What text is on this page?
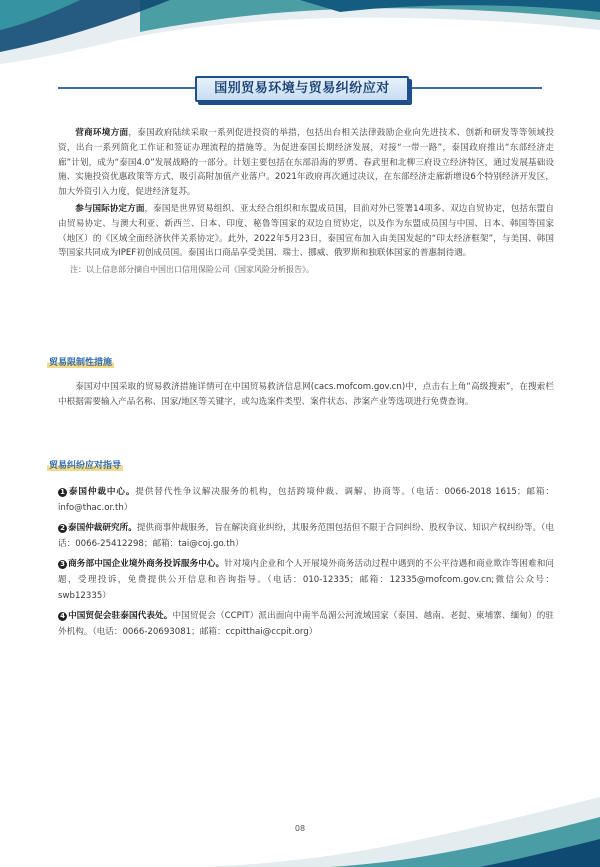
国别贸易环境与贸易纠纷应对

营商环境方面，泰国政府陆续采取一系列促进投资的举措，包括出台相关法律鼓励企业向先进技术、创新和研发等等领域投资，出台一系列简化工作证和签证办理流程的措施等。为促进泰国长期经济发展，对接“一带一路”，泰国政府推出“东部经济走廊”计划，成为“泰国4.0”发展战略的一部分。计划主要包括在东部沿海的罗勇、春武里和北柳三府设立经济特区，通过发展基础设施、实施投资优惠政策等方式，吸引高附加值产业落户。2021年政府再次通过决议，在东部经济走廊新增设6个特别经济开发区，加大外资引入力度，促进经济复苏。

参与国际协定方面，泰国是世界贸易组织、亚太经合组织和东盟成员国，目前对外已签署14项多、双边自贸协定，包括东盟自由贸易协定、与澳大利亚、新西兰、日本、印度、秘鲁等国家的双边自贸协定，以及作为东盟成员国与中国、日本、韩国等国家（地区）的《区域全面经济伙伴关系协定》。此外，2022年5月23日，泰国宣布加入由美国发起的“印太经济框架”，与美国、韩国等国家共同成为IPEF初创成员国。泰国出口商品享受美国、瑞士、挪威、俄罗斯和独联体国家的普惠制待遇。

注：以上信息部分摘自中国出口信用保险公司《国家风险分析报告》。

贸易限制性措施

泰国对中国采取的贸易救济措施详情可在中国贸易救济信息网(cacs.mofcom.gov.cn)中，点击右上角“高级搜索”，在搜索栏中根据需要输入产品名称、国家/地区等关键字，或勾选案件类型、案件状态、涉案产业等选项进行免费查询。

贸易纠纷应对指导

1 泰国仲裁中心。提供替代性争议解决服务的机构，包括跨境仲裁、调解、协商等。（电话：0066-2018 1615；邮箱：info@thac.or.th）

2 泰国仲裁研究所。提供商事仲裁服务，旨在解决商业纠纷，其服务范围包括但不限于合同纠纷、股权争议、知识产权纠纷等。（电话：0066-25412298；邮箱：tai@coj.go.th）

3 商务部中国企业境外商务投诉服务中心。针对境内企业和个人开展境外商务活动过程中遇到的不公平待遇和商业欺诈等困难和问题，受理投诉，免费提供公开信息和咨询指导。（电话：010-12335；邮箱：12335@mofcom.gov.cn;微信公众号：swb12335）

4 中国贸促会驻泰国代表处。中国贸促会（CCPIT）派出面向中南半岛湄公河流域国家（泰国、越南、老挝、柬埔寨、缅甸）的驻外机构。（电话：0066-20693081；邮箱：ccpitthai@ccpit.org）

08
